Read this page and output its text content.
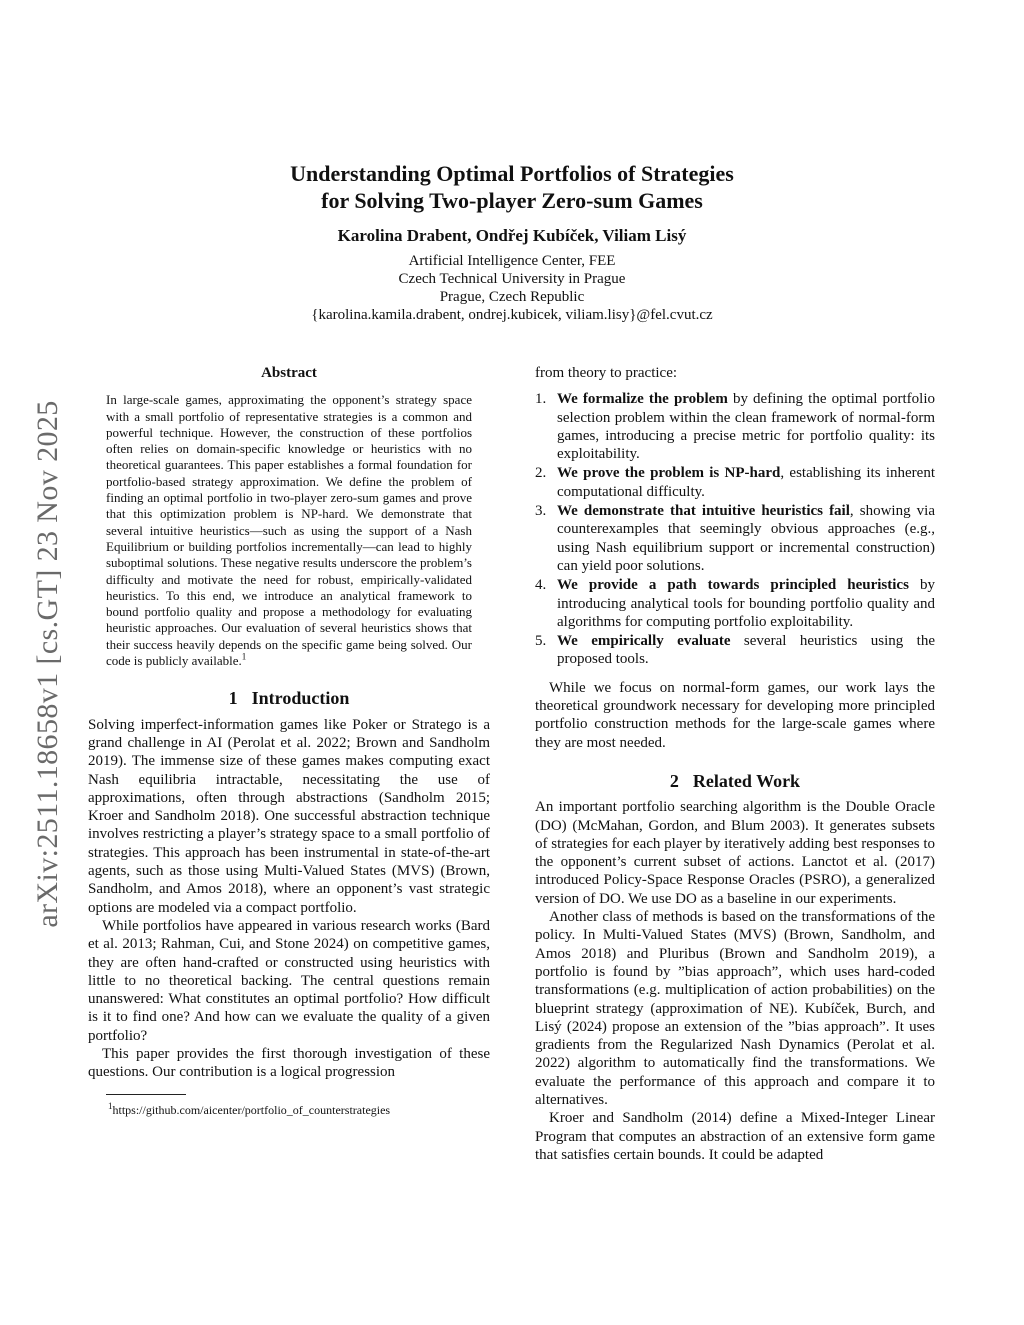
arXiv:2511.18658v1 [cs.GT] 23 Nov 2025
Understanding Optimal Portfolios of Strategies
for Solving Two-player Zero-sum Games
Karolina Drabent, Ondřej Kubíček, Viliam Lisý
Artificial Intelligence Center, FEE
Czech Technical University in Prague
Prague, Czech Republic
{karolina.kamila.drabent, ondrej.kubicek, viliam.lisy}@fel.cvut.cz
Abstract

In large-scale games, approximating the opponent’s strategy space with a small portfolio of representative strategies is a common and powerful technique. However, the construction of these portfolios often relies on domain-specific knowledge or heuristics with no theoretical guarantees. This paper establishes a formal foundation for portfolio-based strategy approximation. We define the problem of finding an optimal portfolio in two-player zero-sum games and prove that this optimization problem is NP-hard. We demonstrate that several intuitive heuristics—such as using the support of a Nash Equilibrium or building portfolios incrementally—can lead to highly suboptimal solutions. These negative results underscore the problem’s difficulty and motivate the need for robust, empirically-validated heuristics. To this end, we introduce an analytical framework to bound portfolio quality and propose a methodology for evaluating heuristic approaches. Our evaluation of several heuristics shows that their success heavily depends on the specific game being solved. Our code is publicly available.$^1$

1 Introduction

Solving imperfect-information games like Poker or Stratego is a grand challenge in AI (Perolat et al. 2022; Brown and Sandholm 2019). The immense size of these games makes computing exact Nash equilibria intractable, necessitating the use of approximations, often through abstractions (Sandholm 2015; Kroer and Sandholm 2018). One successful abstraction technique involves restricting a player’s strategy space to a small portfolio of strategies. This approach has been instrumental in state-of-the-art agents, such as those using Multi-Valued States (MVS) (Brown, Sandholm, and Amos 2018), where an opponent’s vast strategic options are modeled via a compact portfolio.

While portfolios have appeared in various research works (Bard et al. 2013; Rahman, Cui, and Stone 2024) on competitive games, they are often hand-crafted or constructed using heuristics with little to no theoretical backing. The central questions remain unanswered: What constitutes an optimal portfolio? How difficult is it to find one? And how can we evaluate the quality of a given portfolio?

This paper provides the first thorough investigation of these questions. Our contribution is a logical progression

$^1$https://github.com/aicenter/portfolio_of_counterstrategies

from theory to practice:

1. We formalize the problem by defining the optimal portfolio selection problem within the clean framework of normal-form games, introducing a precise metric for portfolio quality: its exploitability.
2. We prove the problem is NP-hard, establishing its inherent computational difficulty.
3. We demonstrate that intuitive heuristics fail, showing via counterexamples that seemingly obvious approaches (e.g., using Nash equilibrium support or incremental construction) can yield poor solutions.
4. We provide a path towards principled heuristics by introducing analytical tools for bounding portfolio quality and algorithms for computing portfolio exploitability.
5. We empirically evaluate several heuristics using the proposed tools.

While we focus on normal-form games, our work lays the theoretical groundwork necessary for developing more principled portfolio construction methods for the large-scale games where they are most needed.

2 Related Work

An important portfolio searching algorithm is the Double Oracle (DO) (McMahan, Gordon, and Blum 2003). It generates subsets of strategies for each player by iteratively adding best responses to the opponent’s current subset of actions. Lanctot et al. (2017) introduced Policy-Space Response Oracles (PSRO), a generalized version of DO. We use DO as a baseline in our experiments.

Another class of methods is based on the transformations of the policy. In Multi-Valued States (MVS) (Brown, Sandholm, and Amos 2018) and Pluribus (Brown and Sandholm 2019), a portfolio is found by ”bias approach”, which uses hard-coded transformations (e.g. multiplication of action probabilities) on the blueprint strategy (approximation of NE). Kubíček, Burch, and Lisý (2024) propose an extension of the ”bias approach”. It uses gradients from the Regularized Nash Dynamics (Perolat et al. 2022) algorithm to automatically find the transformations. We evaluate the performance of this approach and compare it to alternatives.

Kroer and Sandholm (2014) define a Mixed-Integer Linear Program that computes an abstraction of an extensive form game that satisfies certain bounds. It could be adapted
